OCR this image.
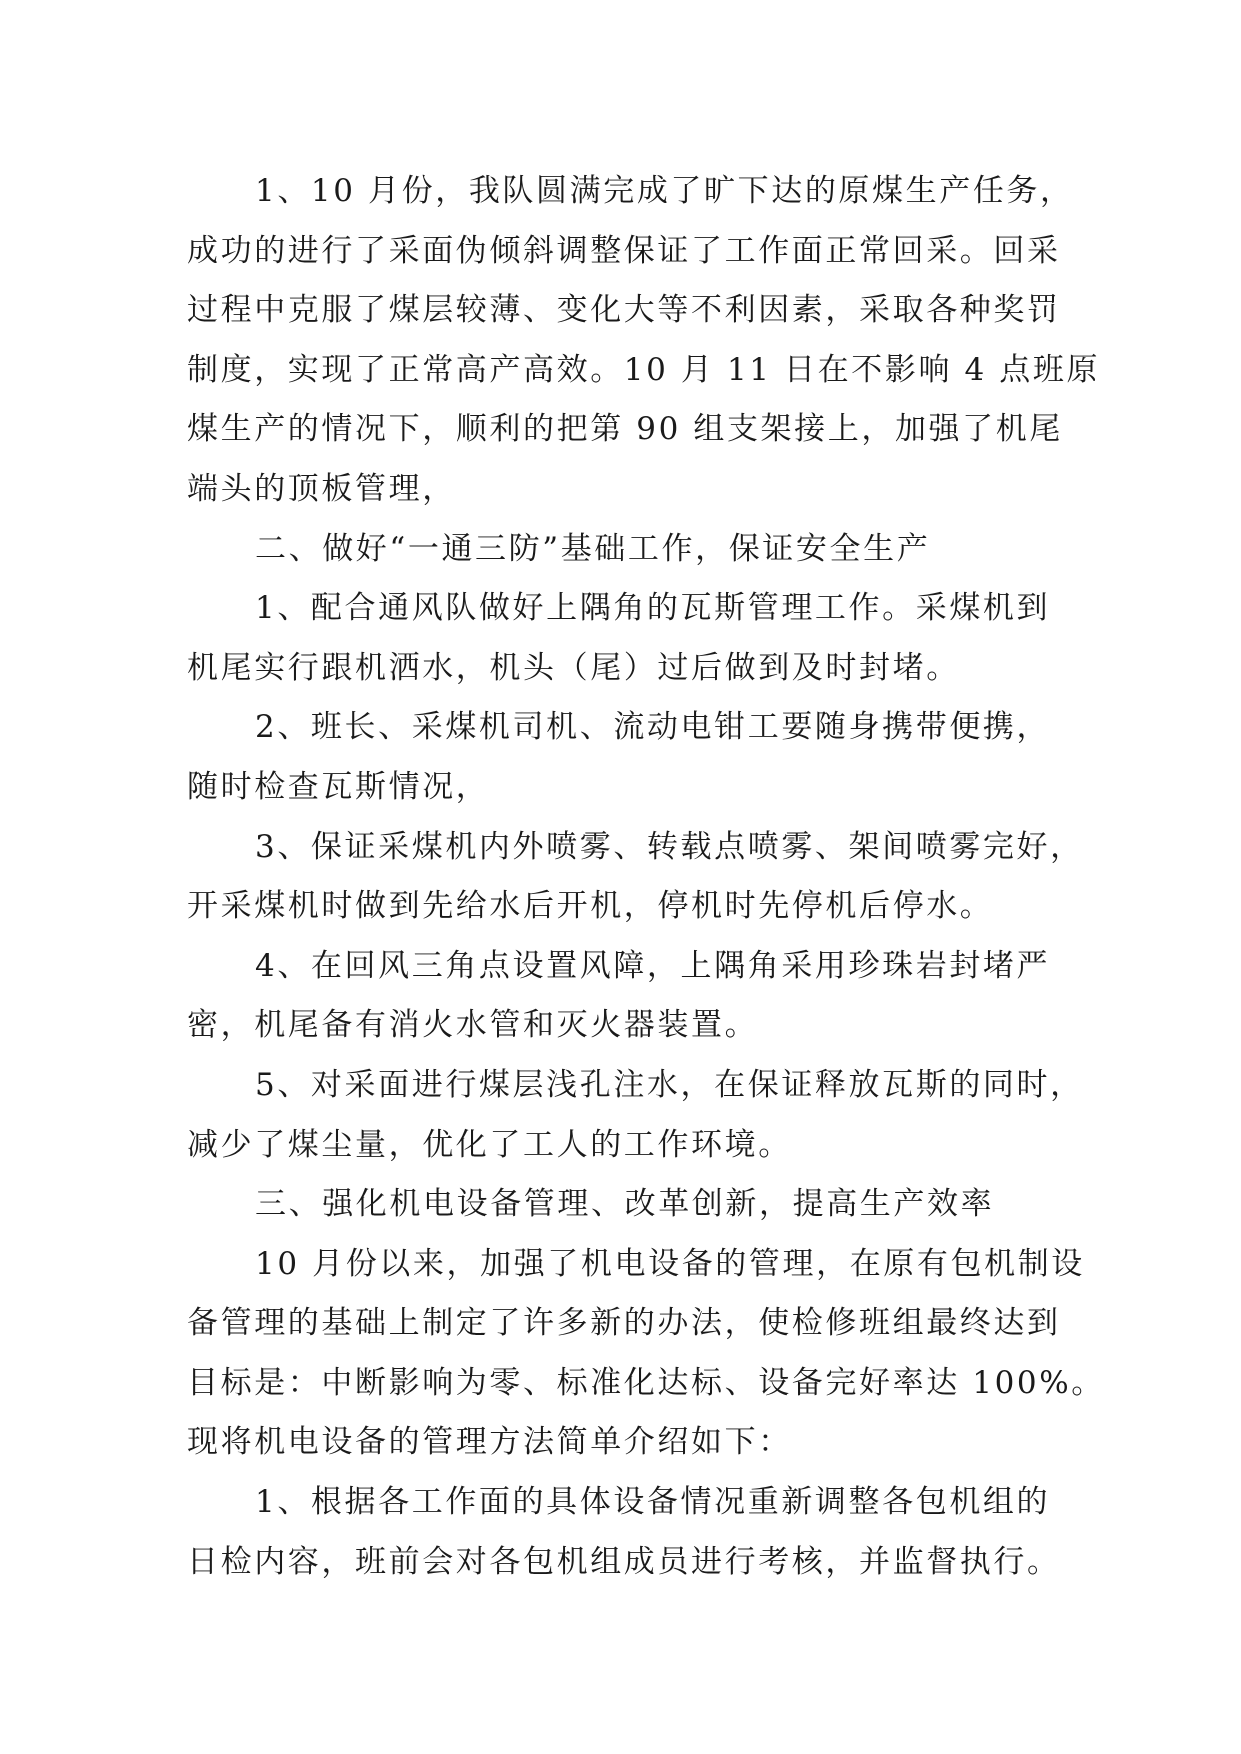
1、10 月份，我队圆满完成了旷下达的原煤生产任务，
成功的进行了采面伪倾斜调整保证了工作面正常回采。回采
过程中克服了煤层较薄、变化大等不利因素，采取各种奖罚
制度，实现了正常高产高效。10 月 11 日在不影响 4 点班原
煤生产的情况下，顺利的把第 90 组支架接上，加强了机尾
端头的顶板管理，
二、做好“一通三防”基础工作，保证安全生产
1、配合通风队做好上隅角的瓦斯管理工作。采煤机到
机尾实行跟机洒水，机头（尾）过后做到及时封堵。
2、班长、采煤机司机、流动电钳工要随身携带便携，
随时检查瓦斯情况，
3、保证采煤机内外喷雾、转载点喷雾、架间喷雾完好，
开采煤机时做到先给水后开机，停机时先停机后停水。
4、在回风三角点设置风障，上隅角采用珍珠岩封堵严
密，机尾备有消火水管和灭火器装置。
5、对采面进行煤层浅孔注水，在保证释放瓦斯的同时，
减少了煤尘量，优化了工人的工作环境。
三、强化机电设备管理、改革创新，提高生产效率
10 月份以来，加强了机电设备的管理，在原有包机制设
备管理的基础上制定了许多新的办法，使检修班组最终达到
目标是：中断影响为零、标准化达标、设备完好率达 100%。
现将机电设备的管理方法简单介绍如下：
1、根据各工作面的具体设备情况重新调整各包机组的
日检内容，班前会对各包机组成员进行考核，并监督执行。
